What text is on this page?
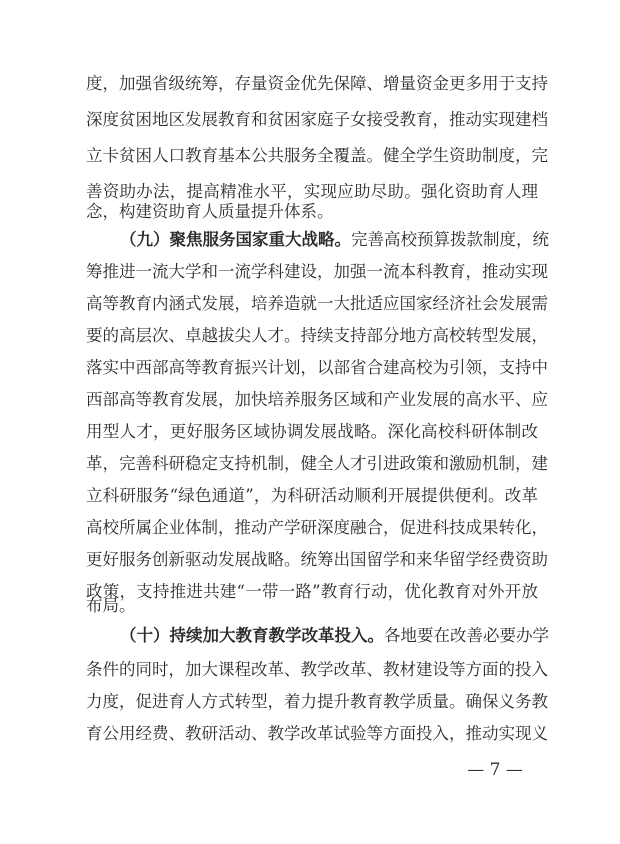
度，加强省级统筹，存量资金优先保障、增量资金更多用于支持
深度贫困地区发展教育和贫困家庭子女接受教育，推动实现建档
立卡贫困人口教育基本公共服务全覆盖。健全学生资助制度，完
善资助办法，提高精准水平，实现应助尽助。强化资助育人理
念，构建资助育人质量提升体系。
（九）聚焦服务国家重大战略。完善高校预算拨款制度，统
筹推进一流大学和一流学科建设，加强一流本科教育，推动实现
高等教育内涵式发展，培养造就一大批适应国家经济社会发展需
要的高层次、卓越拔尖人才。持续支持部分地方高校转型发展，
落实中西部高等教育振兴计划，以部省合建高校为引领，支持中
西部高等教育发展，加快培养服务区域和产业发展的高水平、应
用型人才，更好服务区域协调发展战略。深化高校科研体制改
革，完善科研稳定支持机制，健全人才引进政策和激励机制，建
立科研服务“绿色通道”，为科研活动顺利开展提供便利。改革
高校所属企业体制，推动产学研深度融合，促进科技成果转化，
更好服务创新驱动发展战略。统筹出国留学和来华留学经费资助
政策，支持推进共建“一带一路”教育行动，优化教育对外开放
布局。
（十）持续加大教育教学改革投入。各地要在改善必要办学
条件的同时，加大课程改革、教学改革、教材建设等方面的投入
力度，促进育人方式转型，着力提升教育教学质量。确保义务教
育公用经费、教研活动、教学改革试验等方面投入，推动实现义
— 7 —
